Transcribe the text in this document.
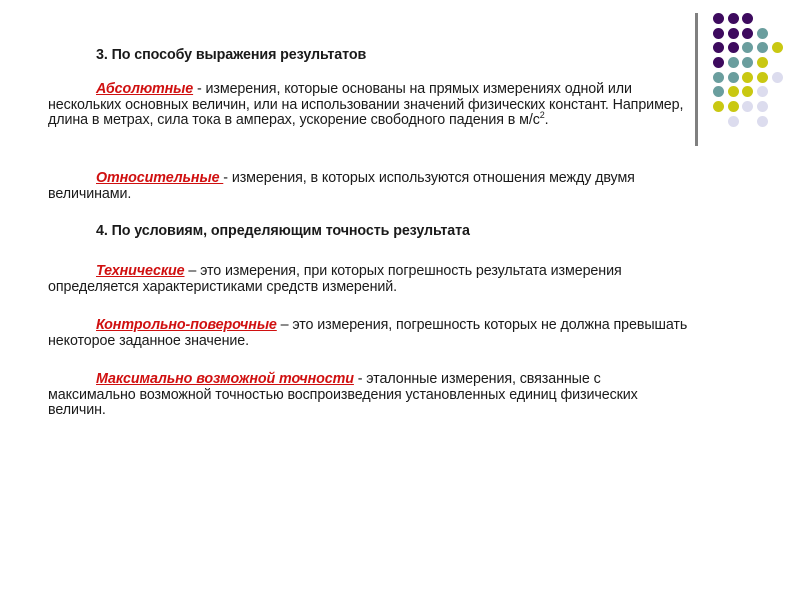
3. По способу выражения результатов
Абсолютные - измерения, которые основаны на прямых измерениях одной или нескольких основных величин, или на использовании значений физических констант. Например, длина в метрах, сила тока в амперах, ускорение свободного падения в $м/с^2$.
Относительные - измерения, в которых используются отношения между двумя величинами.
4. По условиям, определяющим точность результата
Технические – это измерения, при которых погрешность результата измерения определяется характеристиками средств измерений.
Контрольно-поверочные – это измерения, погрешность которых не должна превышать некоторое заданное значение.
Максимально возможной точности - эталонные измерения, связанные с максимально возможной точностью воспроизведения установленных единиц физических величин.
